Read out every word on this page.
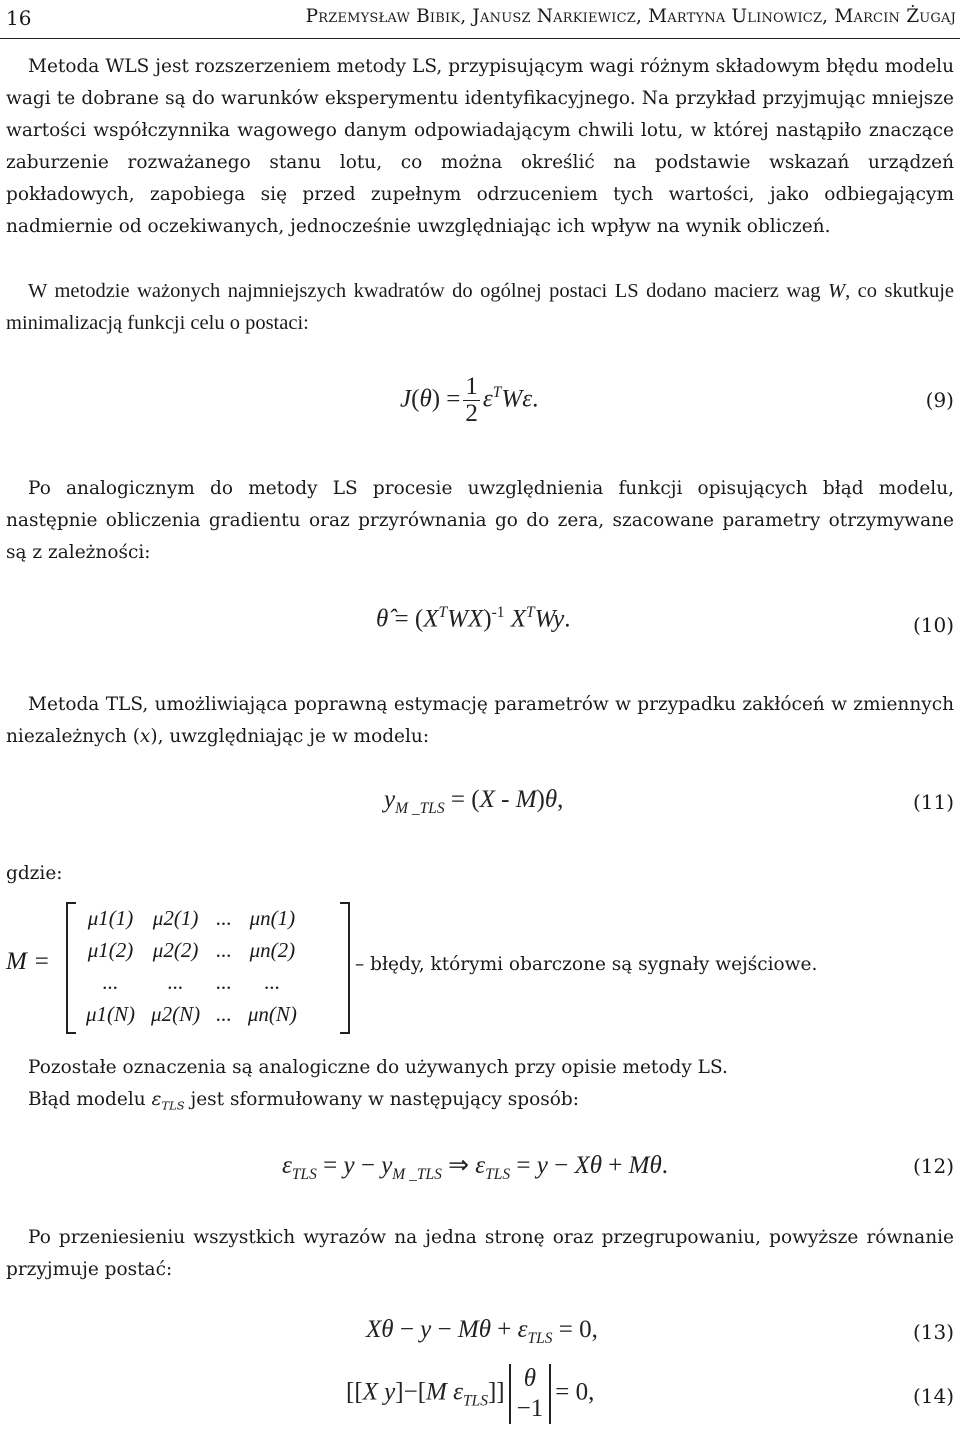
16	Przemysław Bibik, Janusz Narkiewicz, Martyna Ulinowicz, Marcin Żugaj

Metoda WLS jest rozszerzeniem metody LS, przypisującym wagi różnym składowym błędu modelu wagi te dobrane są do warunków eksperymentu identyfikacyjnego. Na przykład przyjmując mniejsze wartości współczynnika wagowego danym odpowiadającym chwili lotu, w której nastąpiło znaczące zaburzenie rozważanego stanu lotu, co można określić na podstawie wskazań urządzeń pokładowych, zapobiega się przed zupełnym odrzuceniem tych wartości, jako odbiegającym nadmiernie od oczekiwanych, jednocześnie uwzględniając ich wpływ na wynik obliczeń.

W metodzie ważonych najmniejszych kwadratów do ogólnej postaci LS dodano macierz wag W, co skutkuje minimalizacją funkcji celu o postaci:

$J(\theta) = \frac{1}{2} \varepsilon^TW\varepsilon$.	(9)

Po analogicznym do metody LS procesie uwzględnienia funkcji opisujących błąd modelu, następnie obliczenia gradientu oraz przyrównania go do zera, szacowane parametry otrzymywane są z zależności:

θ̂ = $(X^TWX)^{-1}$ $X^TWy$.	(10)

Metoda TLS, umożliwiająca poprawną estymację parametrów w przypadku zakłóceń w zmiennych niezależnych (x), uwzględniając je w modelu:

$y_{M \_TLS} = (X - M)\theta$,	(11)

gdzie:

M =
μ1(1)	μ2(1)	...	μn(1)
μ1(2)	μ2(2)	...	μn(2)
...	...	...	...
μ1(N)	μ2(N)	...	μn(N)
– błędy, którymi obarczone są sygnały wejściowe.

Pozostałe oznaczenia są analogiczne do używanych przy opisie metody LS.

Błąd modelu $\varepsilon_{TLS}$ jest sformułowany w następujący sposób:

$\varepsilon_{TLS} = y - y_{M \_TLS}$ ⇒ $\varepsilon_{TLS} = y - X\theta + M\theta$.	(12)

Po przeniesieniu wszystkich wyrazów na jedna stronę oraz przegrupowaniu, powyższe równanie przyjmuje postać:

$X\theta - y - M\theta + \varepsilon_{TLS} = 0$,	(13)
[[X y]−[M $\varepsilon_{TLS}$]]
θ
−1
= 0,	(14)
